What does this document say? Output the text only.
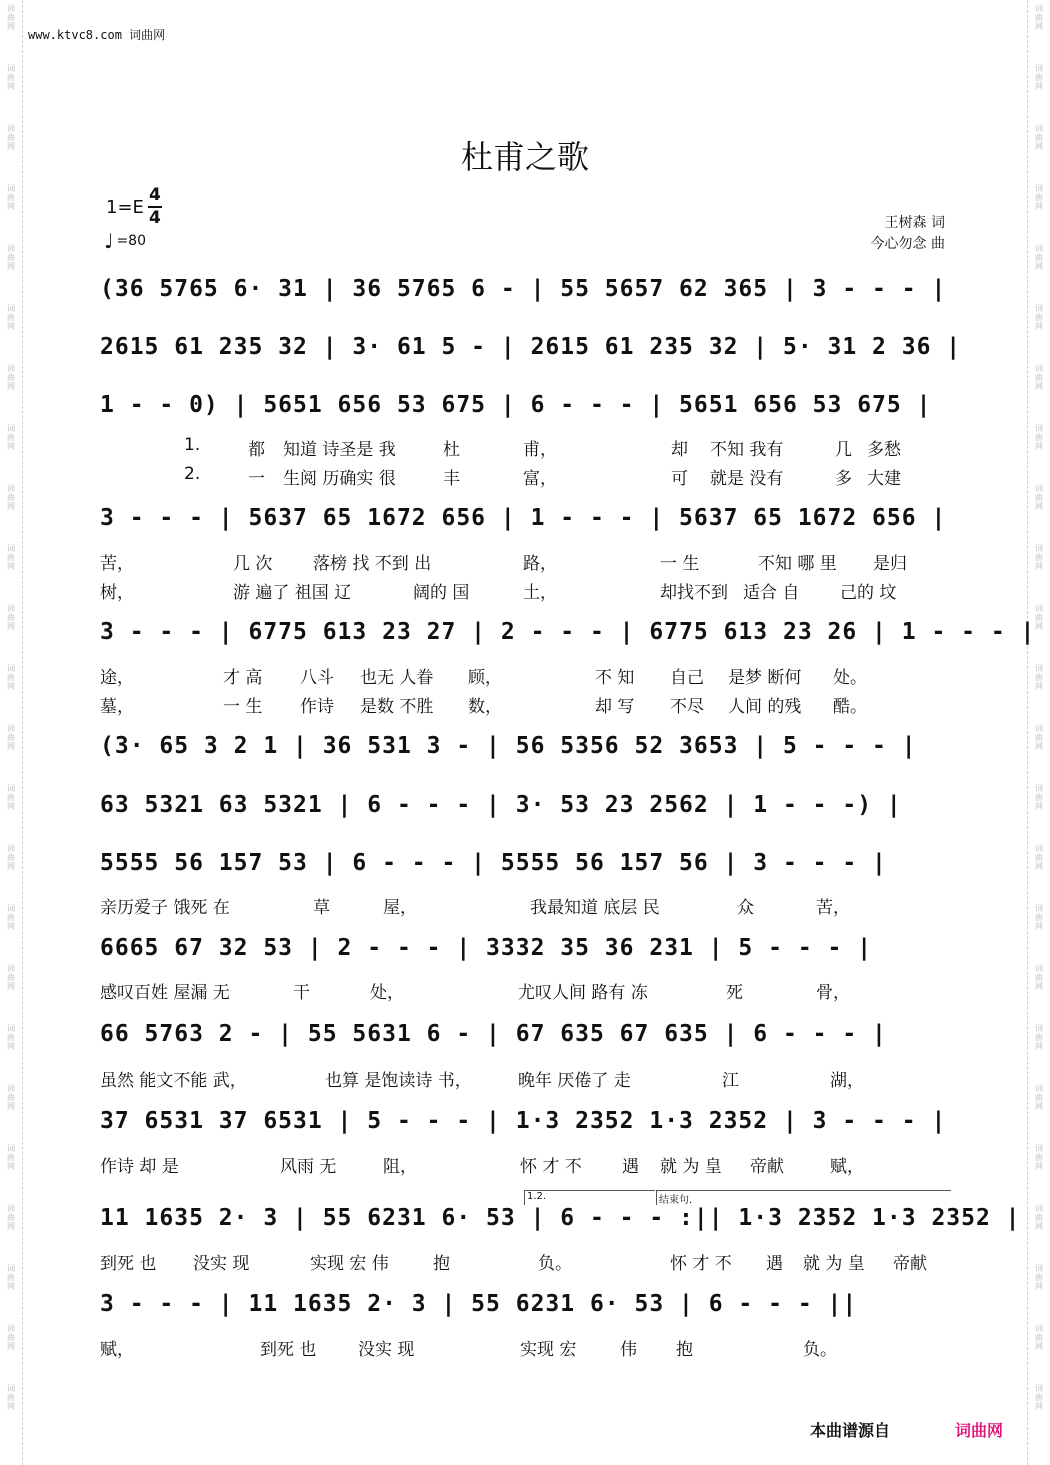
词
曲
网
词
曲
网
词
曲
网
词
曲
网
词
曲
网
词
曲
网
词
曲
网
词
曲
网
词
曲
网
词
曲
网
词
曲
网
词
曲
网
词
曲
网
词
曲
网
词
曲
网
词
曲
网
词
曲
网
词
曲
网
词
曲
网
词
曲
网
词
曲
网
词
曲
网
词
曲
网
词
曲
网
词
曲
网
词
曲
网
词
曲
网
词
曲
网
词
曲
网
词
曲
网
词
曲
网
词
曲
网
词
曲
网
词
曲
网
词
曲
网
词
曲
网
词
曲
网
词
曲
网
词
曲
网
词
曲
网
词
曲
网
词
曲
网
词
曲
网
词
曲
网
词
曲
网
词
曲
网
词
曲
网
词
曲
网
www.ktvc8.com 词曲网
杜甫之歌
$1=E \frac{4}{4}$
♩ =80
王树森 词
今心勿念 曲
(36 5765 6· 31 | 36 5765 6 - | 55 5657 62 365 | 3 - - - |
2615 61 235 32 | 3· 61 5 - | 2615 61 235 32 | 5· 31 2 36 |
1 - - 0) | 5651 656 53 675 | 6 - - - | 5651 656 53 675 |
3 - - - | 5637 65 1672 656 | 1 - - - | 5637 65 1672 656 |
3 - - - | 6775 613 23 27 | 2 - - - | 6775 613 23 26 | 1 - - - |
(3· 65 3 2 1 | 36 531 3 - | 56 5356 52 3653 | 5 - - - |
63 5321 63 5321 | 6 - - - | 3· 53 23 2562 | 1 - - -) |
5555 56 157 53 | 6 - - - | 5555 56 157 56 | 3 - - - |
6665 67 32 53 | 2 - - - | 3332 35 36 231 | 5 - - - |
66 5763 2 - | 55 5631 6 - | 67 635 67 635 | 6 - - - |
37 6531 37 6531 | 5 - - - | 1·3 2352 1·3 2352 | 3 - - - |
11 1635 2· 3 | 55 6231 6· 53 | 6 - - - :|| 1·3 2352 1·3 2352 |
3 - - - | 11 1635 2· 3 | 55 6231 6· 53 | 6 - - - ||
1.2.	结束句.
1.	都 知道 诗圣是 我	杜	甫，	却 不知 我有	几 多愁
2.	一 生阅 历确实 很	丰	富，	可 就是 没有	多 大建
苦，	几 次 落榜 找 不到 出	路，	一 生	不知 哪 里 是归
树，	游 遍了 祖国 辽	阔的 国	土，	却找不到 适合 自 己的 坟
途，	才 高 八斗 也无 人眷 顾，	不 知 自己 是梦 断何 处。
墓，	一 生 作诗 是数 不胜 数，	却 写 不尽 人间 的残 酷。
亲历爱子 饿死 在	草	屋，	我最知道 底层 民	众	苦，
感叹百姓 屋漏 无	干	处，	尤叹人间 路有 冻	死	骨，
虽然 能文不能 武，	也算 是饱读诗 书，	晚年 厌倦了 走	江	湖，
作诗 却 是	风雨 无	阻，	怀 才 不 遇 就 为 皇 帝献	赋，
到死 也 没实 现	实现 宏 伟	抱	负。	怀 才 不 遇 就 为 皇 帝献
赋，	到死 也 没实 现	实现 宏	伟 抱	负。
本曲谱源自	词曲网
